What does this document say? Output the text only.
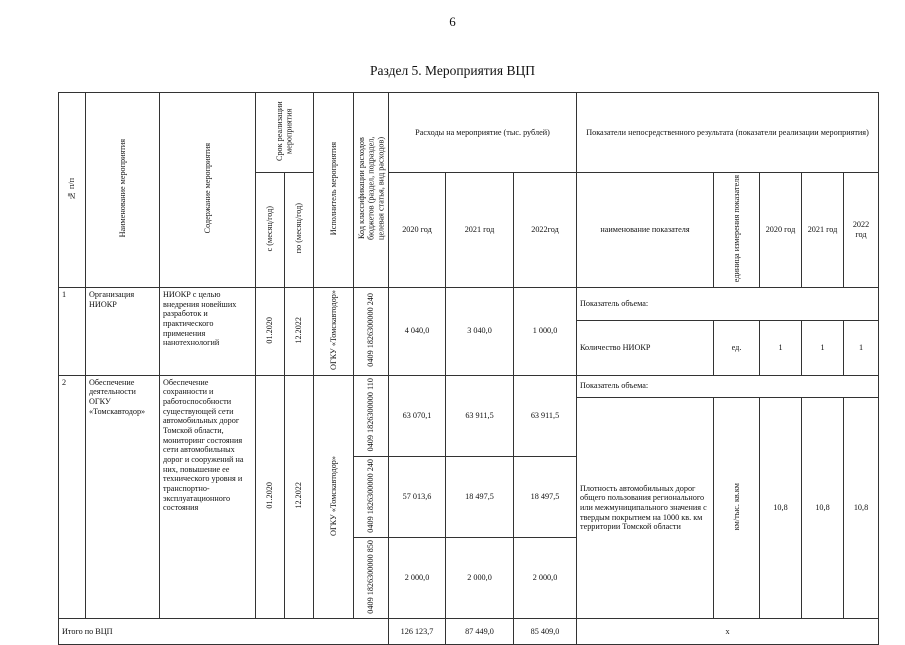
6
Раздел 5. Мероприятия ВЦП
№ п/п	Наименование мероприятия	Содержание мероприятия	Срок реализации мероприятия		Исполнитель мероприятия	Код классификации расходов бюджетов (раздел, подраздел, целевая статья, вид расходов)	Расходы на мероприятие (тыс. рублей)			Показатели непосредственного результата (показатели реализации мероприятия)				
			с (месяц/год)	по (месяц/год)			2020 год	2021 год	2022год	наименование показателя	единица измерения показателя	2020 год	2021 год	2022 год
1	Организация НИОКР	НИОКР с целью внедрения новейших разработок и практического применения нанотехнологий	01.2020	12.2022	ОГКУ «Томскавтодор»	0409 1826300000 240	4 040,0	3 040,0	1 000,0	Показатель объема:				
										Количество НИОКР	ед.	1	1	1
2	Обеспечение деятельности ОГКУ «Томскавтодор»	Обеспечение сохранности и работоспособности существующей сети автомобильных дорог Томской области, мониторинг состояния сети автомобильных дорог и сооружений на них, повышение ее технического уровня и транспортно-эксплуатационного состояния	01.2020	12.2022	ОГКУ «Томскавтодор»	0409 1826300000 110	63 070,1	63 911,5	63 911,5	Показатель объема:				
										Плотность автомобильных дорог общего пользования регионального или межмуниципального значения с твердым покрытием на 1000 кв. км территории Томской области	км/тыс. кв.км	10,8	10,8	10,8
						0409 1826300000 240	57 013,6	18 497,5	18 497,5					
						0409 1826300000 850	2 000,0	2 000,0	2 000,0					
Итого по ВЦП							126 123,7	87 449,0	85 409,0	х				
